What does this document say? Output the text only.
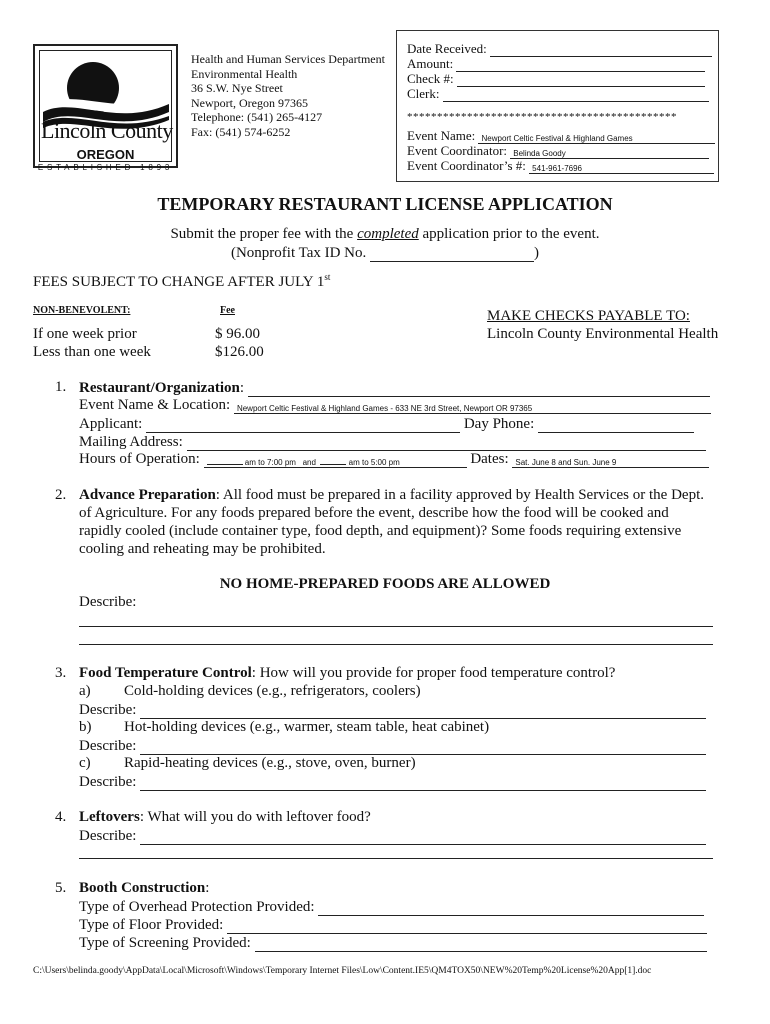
Lincoln County
OREGON
ESTABLISHED 1893
Health and Human Services Department
Environmental Health
36 S.W. Nye Street
Newport, Oregon 97365
Telephone: (541) 265-4127
Fax: (541) 574-6252
Date Received:
Amount:
Check #:
Clerk:
*********************************************
Event Name: Newport Celtic Festival & Highland Games
Event Coordinator: Belinda Goody
Event Coordinator’s #: 541-961-7696
TEMPORARY RESTAURANT LICENSE APPLICATION
Submit the proper fee with the completed application prior to the event.
(Nonprofit Tax ID No.	)
FEES SUBJECT TO CHANGE AFTER JULY 1st
NON-BENEVOLENT:	Fee
If one week prior	$ 96.00
Less than one week	$126.00
MAKE CHECKS PAYABLE TO:
Lincoln County Environmental Health
1. Restaurant/Organization:
Event Name & Location: Newport Celtic Festival & Highland Games - 633 NE 3rd Street, Newport OR 97365
Applicant:	Day Phone:
Mailing Address:
Hours of Operation:	am to 7:00 pm and	am to 5:00 pm	Dates: Sat. June 8 and Sun. June 9
2. Advance Preparation: All food must be prepared in a facility approved by Health Services or the Dept.
of Agriculture. For any foods prepared before the event, describe how the food will be cooked and
rapidly cooled (include container type, food depth, and equipment)? Some foods requiring extensive
cooling and reheating may be prohibited.
NO HOME-PREPARED FOODS ARE ALLOWED
Describe:
3. Food Temperature Control: How will you provide for proper food temperature control?
a) Cold-holding devices (e.g., refrigerators, coolers)
Describe:
b) Hot-holding devices (e.g., warmer, steam table, heat cabinet)
Describe:
c) Rapid-heating devices (e.g., stove, oven, burner)
Describe:
4. Leftovers: What will you do with leftover food?
Describe:
5. Booth Construction:
Type of Overhead Protection Provided:
Type of Floor Provided:
Type of Screening Provided:
C:\Users\belinda.goody\AppData\Local\Microsoft\Windows\Temporary Internet Files\Low\Content.IE5\QM4TOX50\NEW%20Temp%20License%20App[1].doc
